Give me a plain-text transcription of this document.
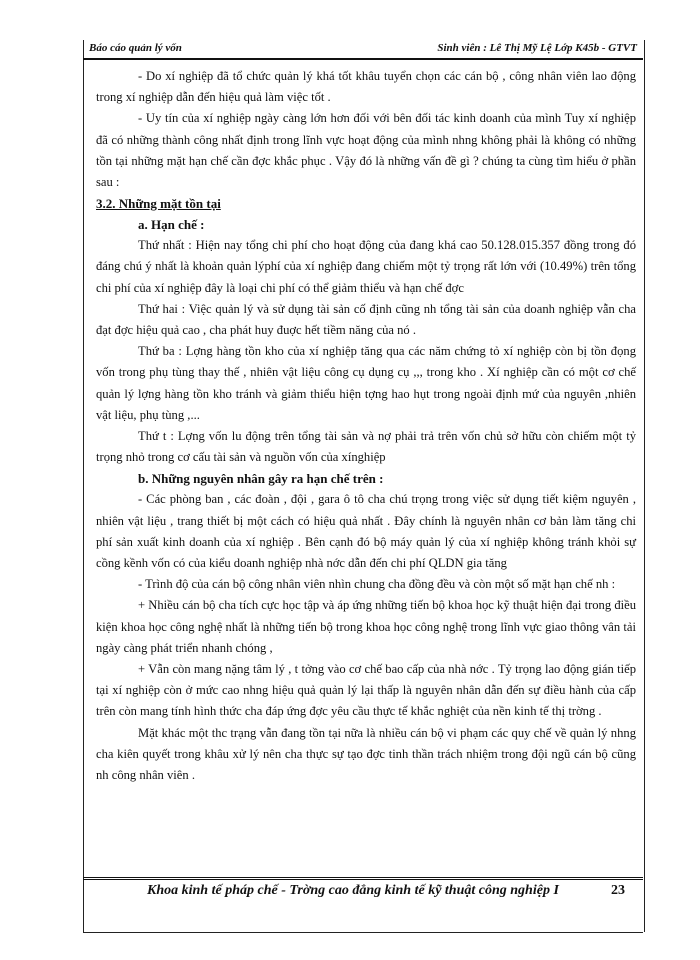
Báo cáo quản lý vốn	Sinh viên : Lê Thị Mỹ Lệ Lớp K45b - GTVT

- Do xí nghiệp đã tổ chức quản lý khá tốt khâu tuyển chọn các cán bộ , công nhân viên lao động trong xí nghiệp dẫn đến hiệu quả làm việc tốt .

- Uy tín của xí nghiệp ngày càng lớn hơn đối với bên đối tác kinh doanh của mình Tuy xí nghiệp đã có những thành công nhất định trong lĩnh vực hoạt động của mình nhng không phải là không có những tồn tại những mặt hạn chế cần đợc khắc phục . Vậy đó là những vấn đề gì ? chúng ta cùng tìm hiểu ở phần sau :

3.2. Những mặt tồn tại

a. Hạn chế :

Thứ nhất : Hiện nay tổng chi phí cho hoạt động của đang khá cao 50.128.015.357 đồng trong đó đáng chú ý nhất là khoản quản lýphí của xí nghiệp đang chiếm một tỷ trọng rất lớn với (10.49%) trên tổng chi phí của xí nghiệp đây là loại chi phí có thể giảm thiểu và hạn chế đợc

Thứ hai : Việc quản lý và sử dụng tài sản cố định cũng nh tổng tài sản của doanh nghiệp vẫn cha đạt đợc hiệu quả cao , cha phát huy đuợc hết tiềm năng của nó .

Thứ ba : Lợng hàng tồn kho của xí nghiệp tăng qua các năm chứng tỏ xí nghiệp còn bị tồn đọng vốn trong phụ tùng thay thế , nhiên vật liệu công cụ dụng cụ ,,, trong kho . Xí nghiệp cần có một cơ chế quản lý lợng hàng tồn kho tránh và giảm thiểu hiện tợng hao hụt trong ngoài định mứ của nguyên ,nhiên vật liệu, phụ tùng ,...

Thứ t : Lợng vốn lu động trên tổng tài sản và nợ phải trả trên vốn chủ sở hữu còn chiếm một tỷ trọng nhỏ trong cơ cấu tài sản và nguồn vốn của xínghiệp

b. Những nguyên nhân gây ra hạn chế trên :

- Các phòng ban , các đoàn , đội , gara ô tô cha chú trọng trong việc sử dụng tiết kiệm nguyên , nhiên vật liệu , trang thiết bị một cách có hiệu quả nhất . Đây chính là nguyên nhân cơ bản làm tăng chi phí sản xuất kinh doanh của xí nghiệp . Bên cạnh đó bộ máy quản lý của xí nghiệp không tránh khỏi sự cồng kềnh vốn có của kiểu doanh nghiệp nhà nớc dẫn đến chi phí QLDN gia tăng

- Trình độ của cán bộ công nhân viên nhìn chung cha đồng đều và còn một số mặt hạn chế nh :

+ Nhiều cán bộ cha tích cực học tập và áp ứng những tiến bộ khoa học kỹ thuật hiện đại trong điều kiện khoa học công nghệ nhất là những tiến bộ trong khoa học công nghệ trong lĩnh vực giao thông vân tải ngày càng phát triển nhanh chóng ,

+ Vẫn còn mang nặng tâm lý , t tởng vào cơ chế bao cấp của nhà nớc . Tỷ trọng lao động gián tiếp tại xí nghiệp còn ở mức cao nhng hiệu quả quản lý lại thấp là nguyên nhân dẫn đến sự điều hành của cấp trên còn mang tính hình thức cha đáp ứng đợc yêu cầu thực tế khắc nghiệt của nền kinh tế thị trờng .

Mặt khác một thc trạng vẫn đang tồn tại nữa là nhiều cán bộ vi phạm các quy chế về quản lý nhng cha kiên quyết trong khâu xử lý nên cha thực sự tạo đợc tinh thần trách nhiệm trong đội ngũ cán bộ cũng nh công nhân viên .

Khoa kinh tế pháp chế - Trờng cao đẳng kinh tế kỹ thuật công nghiệp I	23
